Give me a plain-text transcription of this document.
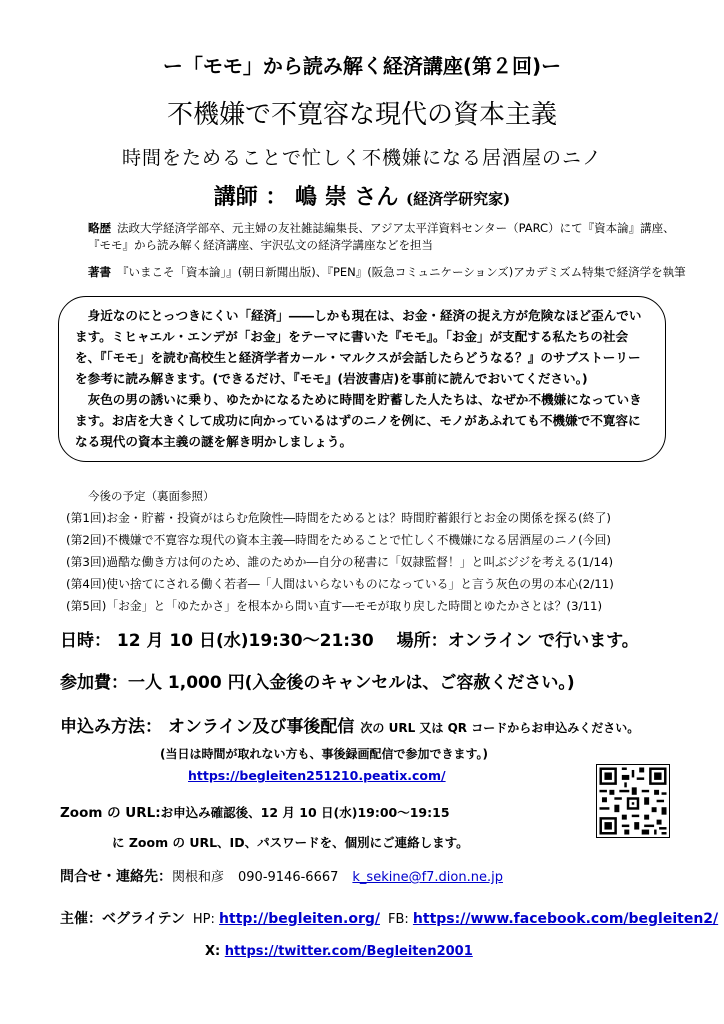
ー「モモ」から読み解く経済講座(第２回)ー
不機嫌で不寛容な現代の資本主義
時間をためることで忙しく不機嫌になる居酒屋のニノ
講師 ： 嶋 崇 さん (経済学研究家)
略歴 法政大学経済学部卒、元主婦の友社雑誌編集長、アジア太平洋資料センター（PARC）にて『資本論』講座、『モモ』から読み解く経済講座、宇沢弘文の経済学講座などを担当
著書 『いまこそ「資本論」』(朝日新聞出版)、『PEN』(阪急コミュニケーションズ)アカデミズム特集で経済学を執筆

身近なのにとっつきにくい「経済」――しかも現在は、お金・経済の捉え方が危険なほど歪んでいます。ミヒャエル・エンデが「お金」をテーマに書いた『モモ』。「お金」が支配する私たちの社会を、『「モモ」を読む高校生と経済学者カール・マルクスが会話したらどうなる？』のサブストーリーを参考に読み解きます。(できるだけ、『モモ』(岩波書店)を事前に読んでおいてください。)

灰色の男の誘いに乗り、ゆたかになるために時間を貯蓄した人たちは、なぜか不機嫌になっていきます。お店を大きくして成功に向かっているはずのニノを例に、モノがあふれても不機嫌で不寛容になる現代の資本主義の謎を解き明かしましょう。

今後の予定（裏面参照）
(第1回)お金・貯蓄・投資がはらむ危険性―時間をためるとは？時間貯蓄銀行とお金の関係を探る(終了)
(第2回)不機嫌で不寛容な現代の資本主義―時間をためることで忙しく不機嫌になる居酒屋のニノ(今回)
(第3回)過酷な働き方は何のため、誰のためか―自分の秘書に「奴隷監督！」と叫ぶジジを考える(1/14)
(第4回)使い捨てにされる働く若者―「人間はいらないものになっている」と言う灰色の男の本心(2/11)
(第5回)「お金」と「ゆたかさ」を根本から問い直す―モモが取り戻した時間とゆたかさとは？(3/11)
日時： 12 月 10 日(水)19:30～21:30　 場所：オンライン で行います。
参加費：一人 1,000 円(入金後のキャンセルは、ご容赦ください。)
申込み方法： オンライン及び事後配信 次の URL 又は QR コードからお申込みください。
(当日は時間が取れない方も、事後録画配信で参加できます。)
https://begleiten251210.peatix.com/
Zoom の URL:お申込み確認後、12 月 10 日(水)19:00～19:15
に Zoom の URL、ID、パスワードを、個別にご連絡します。
問合せ・連絡先：関根和彦 090-9146-6667 k_sekine@f7.dion.ne.jp
主催：ベグライテン HP: http://begleiten.org/ FB: https://www.facebook.com/begleiten2/
X: https://twitter.com/Begleiten2001
